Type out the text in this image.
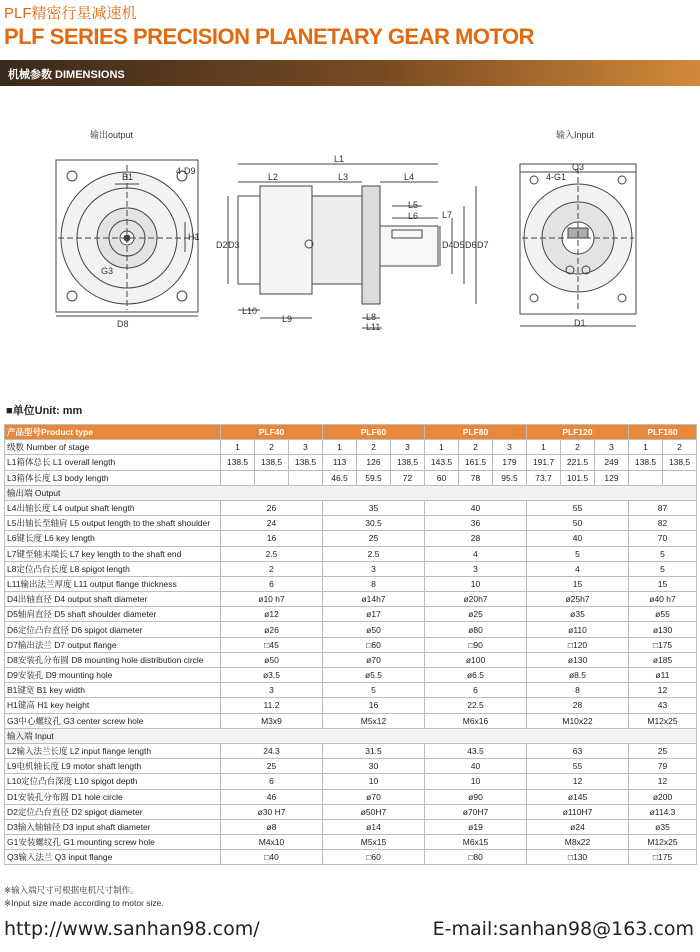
PLF精密行星减速机
PLF SERIES PRECISION PLANETARY GEAR MOTOR
机械参数 DIMENSIONS
输出output	输入Input
B1
4-D9
H1
G3
D8
L1
L2	L3	L4
L5
L6	L7
D2 D3	D4 D5 D6 D7
L10
L9	L8
L11
Q3
4-G1
D1
■单位Unit: mm
产品型号Product type	PLF40			PLF60			PLF80			PLF120			PLF160	
级数 Number of stage	1	2	3	1	2	3	1	2	3	1	2	3	1	2
L1箱体总长 L1 overall length	138.5	138.5	138.5	113	126	138.5	143.5	161.5	179	191.7	221.5	249	138.5	138.5
L3箱体长度 L3 body length				46.5	59.5	72	60	78	95.5	73.7	101.5	129		
输出端 Output														
L4出轴长度 L4 output shaft length	26			35			40			55			87	
L5出轴长至轴肩 L5 output length to the shaft shoulder	24			30.5			36			50			82	
L6键长度 L6 key length	16			25			28			40			70	
L7键至轴末端长 L7 key length to the shaft end	2.5			2.5			4			5			5	
L8定位凸台长度 L8 spigot length	2			3			3			4			5	
L11输出法兰厚度 L11 output flange thickness	6			8			10			15			15	
D4出轴直径 D4 output shaft diameter	ø10 h7			ø14h7			ø20h7			ø25h7			ø40 h7	
D5轴肩直径 D5 shaft shoulder diameter	ø12			ø17			ø25			ø35			ø55	
D6定位凸台直径 D6 spigot diameter	ø26			ø50			ø80			ø110			ø130	
D7输出法兰 D7 output flange	□45			□60			□90			□120			□175	
D8安装孔分布圆 D8 mounting hole distribution circle	ø50			ø70			ø100			ø130			ø185	
D9安装孔 D9 mounting hole	ø3.5			ø5.5			ø6.5			ø8.5			ø11	
B1键宽 B1 key width	3			5			6			8			12	
H1键高 H1 key height	11.2			16			22.5			28			43	
G3中心螺纹孔 G3 center screw hole	M3x9			M5x12			M6x16			M10x22			M12x25	
输入端 Input														
L2输入法兰长度 L2 input flange length	24.3			31.5			43.5			63			25	
L9电机轴长度 L9 motor shaft length	25			30			40			55			79	
L10定位凸台深度 L10 spigot depth	6			10			10			12			12	
D1安装孔分布圆 D1 hole circle	46			ø70			ø90			ø145			ø200	
D2定位凸台直径 D2 spigot diameter	ø30 H7			ø50H7			ø70H7			ø110H7			ø114.3	
D3输入轴轴径 D3 input shaft diameter	ø8			ø14			ø19			ø24			ø35	
G1安装螺纹孔 G1 mounting screw hole	M4x10			M5x15			M6x15			M8x22			M12x25	
Q3输入法兰 Q3 input flange	□40			□60			□80			□130			□175	
※输入端尺寸可根据电机尺寸制作。
※Input size made according to motor size.
http://www.sanhan98.com/	E-mail:sanhan98@163.com
